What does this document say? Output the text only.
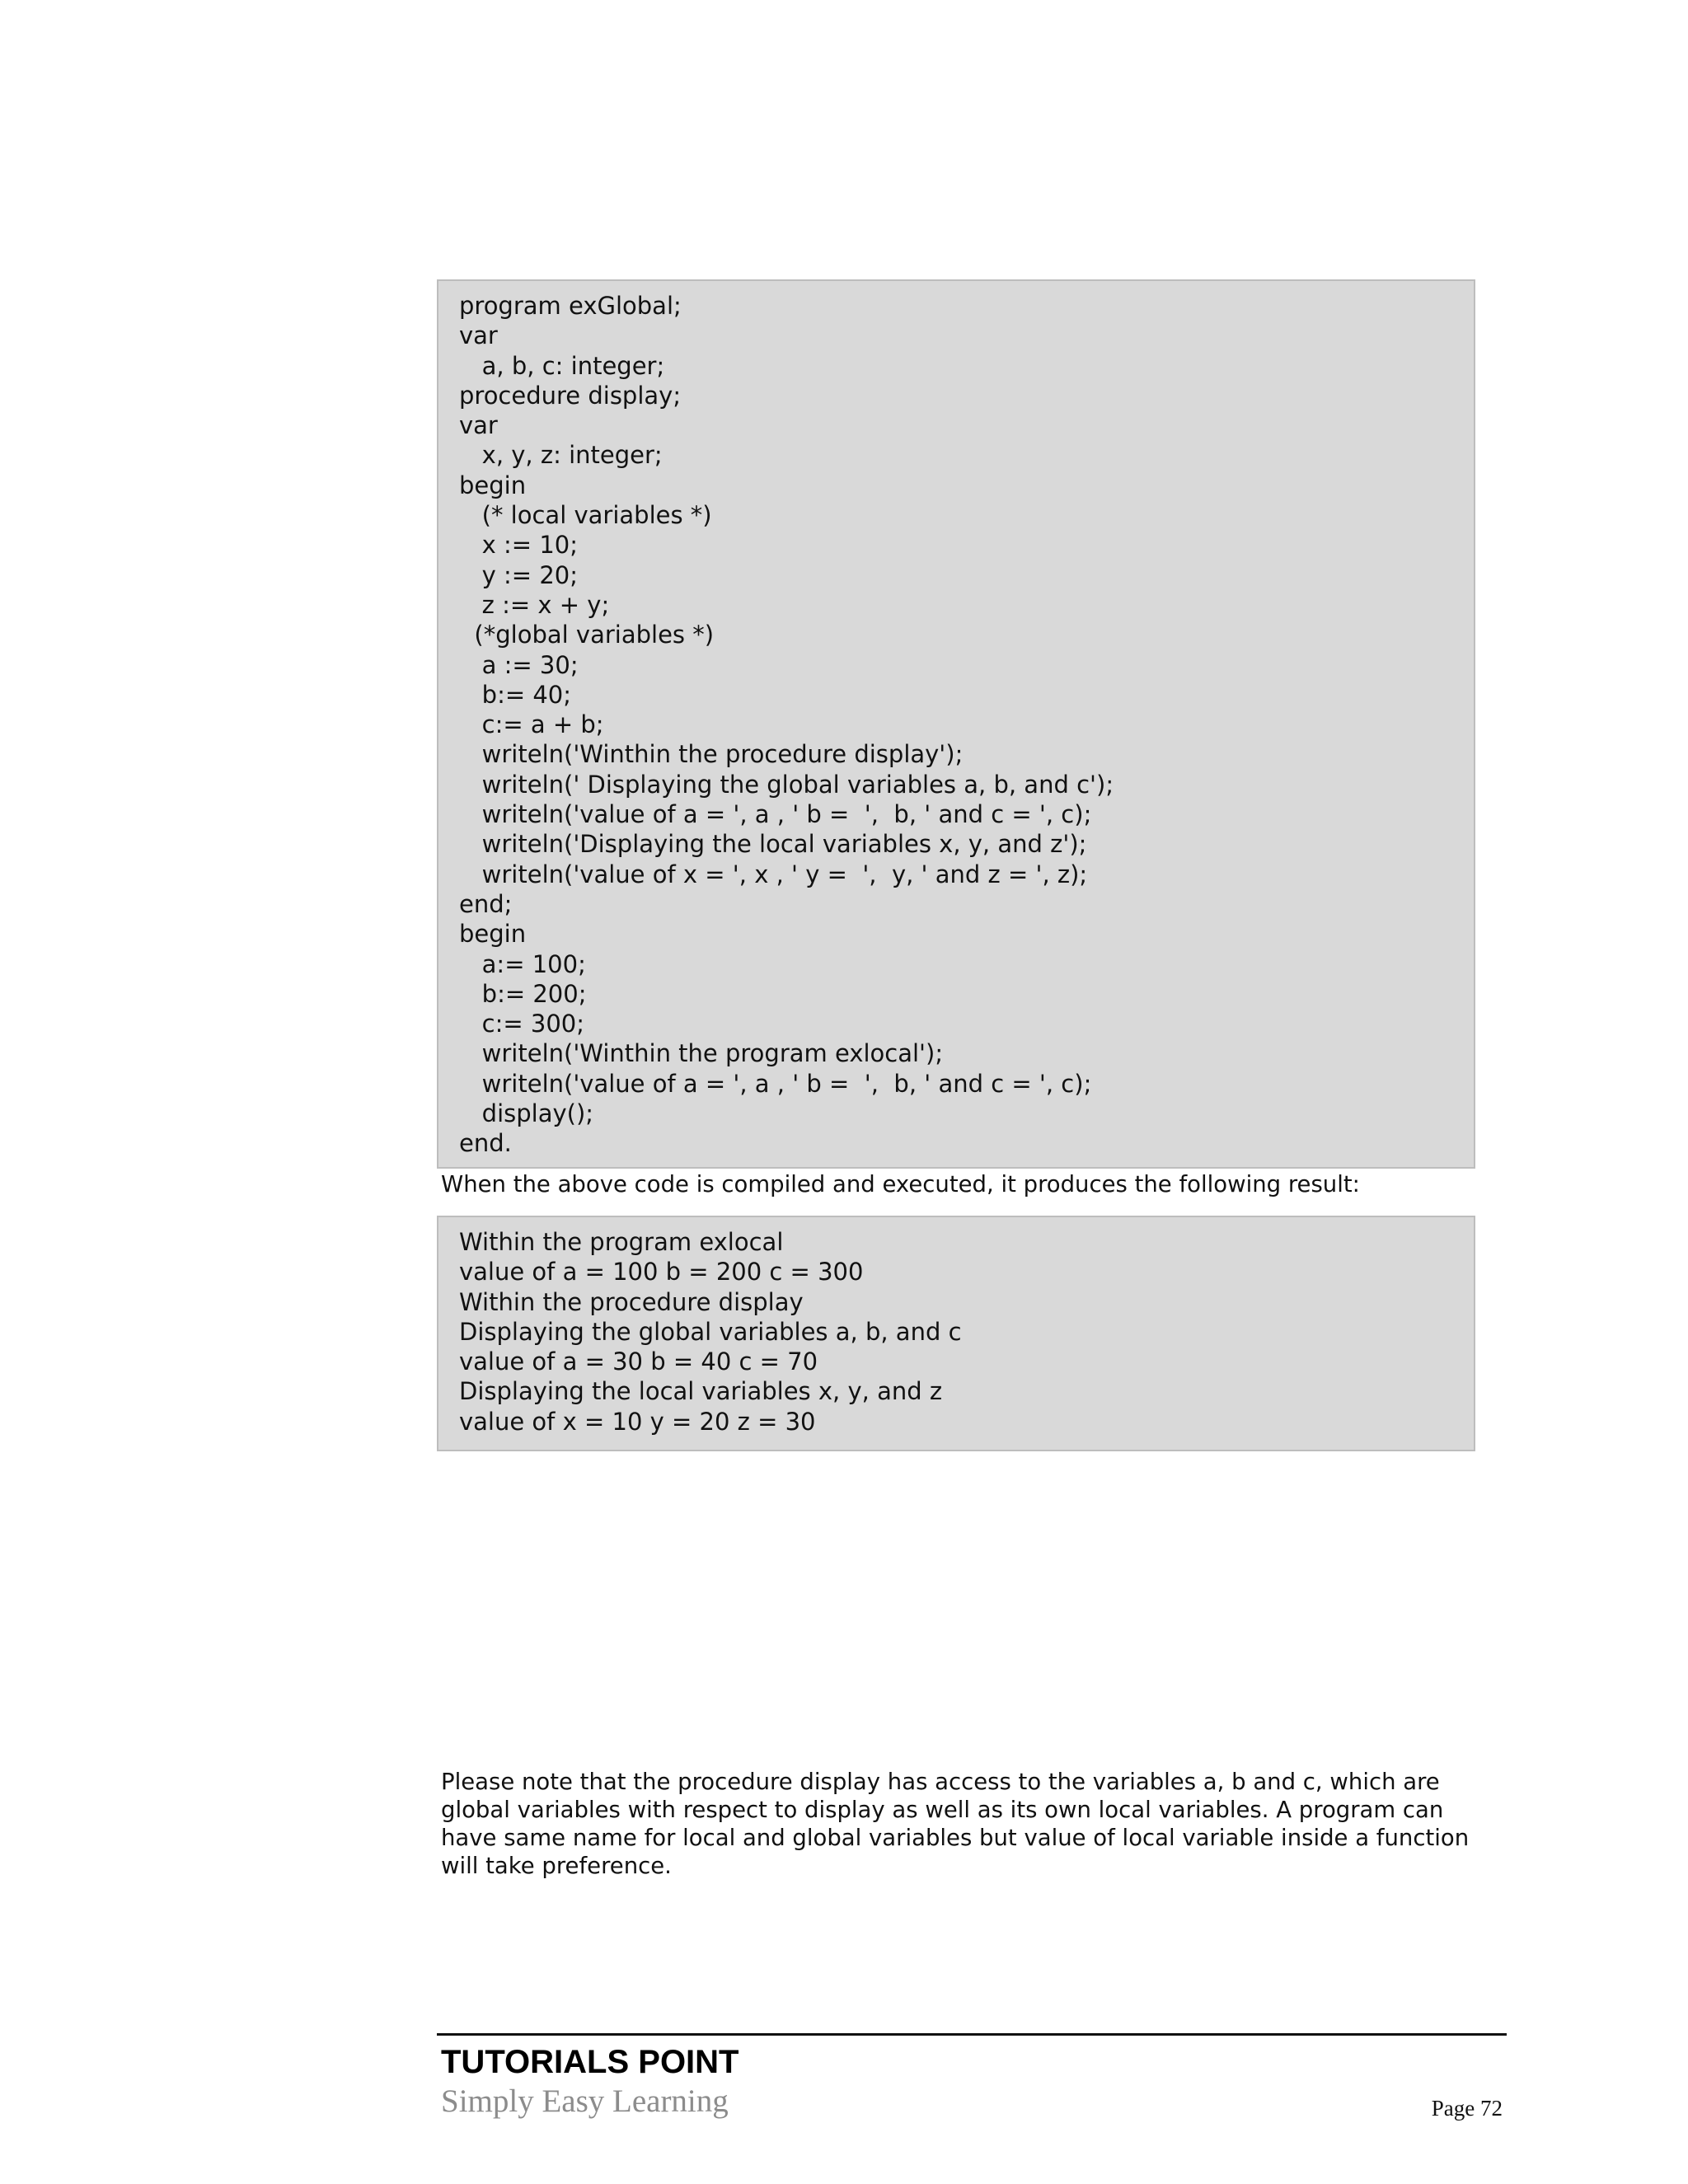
program exGlobal;
var
a, b, c: integer;
procedure display;
var
x, y, z: integer;
begin
(* local variables *)
x := 10;
y := 20;
z := x + y;
(*global variables *)
a := 30;
b:= 40;
c:= a + b;
writeln('Winthin the procedure display');
writeln(' Displaying the global variables a, b, and c');
writeln('value of a = ', a , ' b =  ',  b, ' and c = ', c);
writeln('Displaying the local variables x, y, and z');
writeln('value of x = ', x , ' y =  ',  y, ' and z = ', z);
end;
begin
a:= 100;
b:= 200;
c:= 300;
writeln('Winthin the program exlocal');
writeln('value of a = ', a , ' b =  ',  b, ' and c = ', c);
display();
end.

When the above code is compiled and executed, it produces the following result:

Within the program exlocal
value of a = 100 b = 200 c = 300
Within the procedure display
Displaying the global variables a, b, and c
value of a = 30 b = 40 c = 70
Displaying the local variables x, y, and z
value of x = 10 y = 20 z = 30

Please note that the procedure display has access to the variables a, b and c, which are global variables with respect to display as well as its own local variables. A program can have same name for local and global variables but value of local variable inside a function will take preference.

TUTORIALS POINT

Simply Easy Learning	Page 72
